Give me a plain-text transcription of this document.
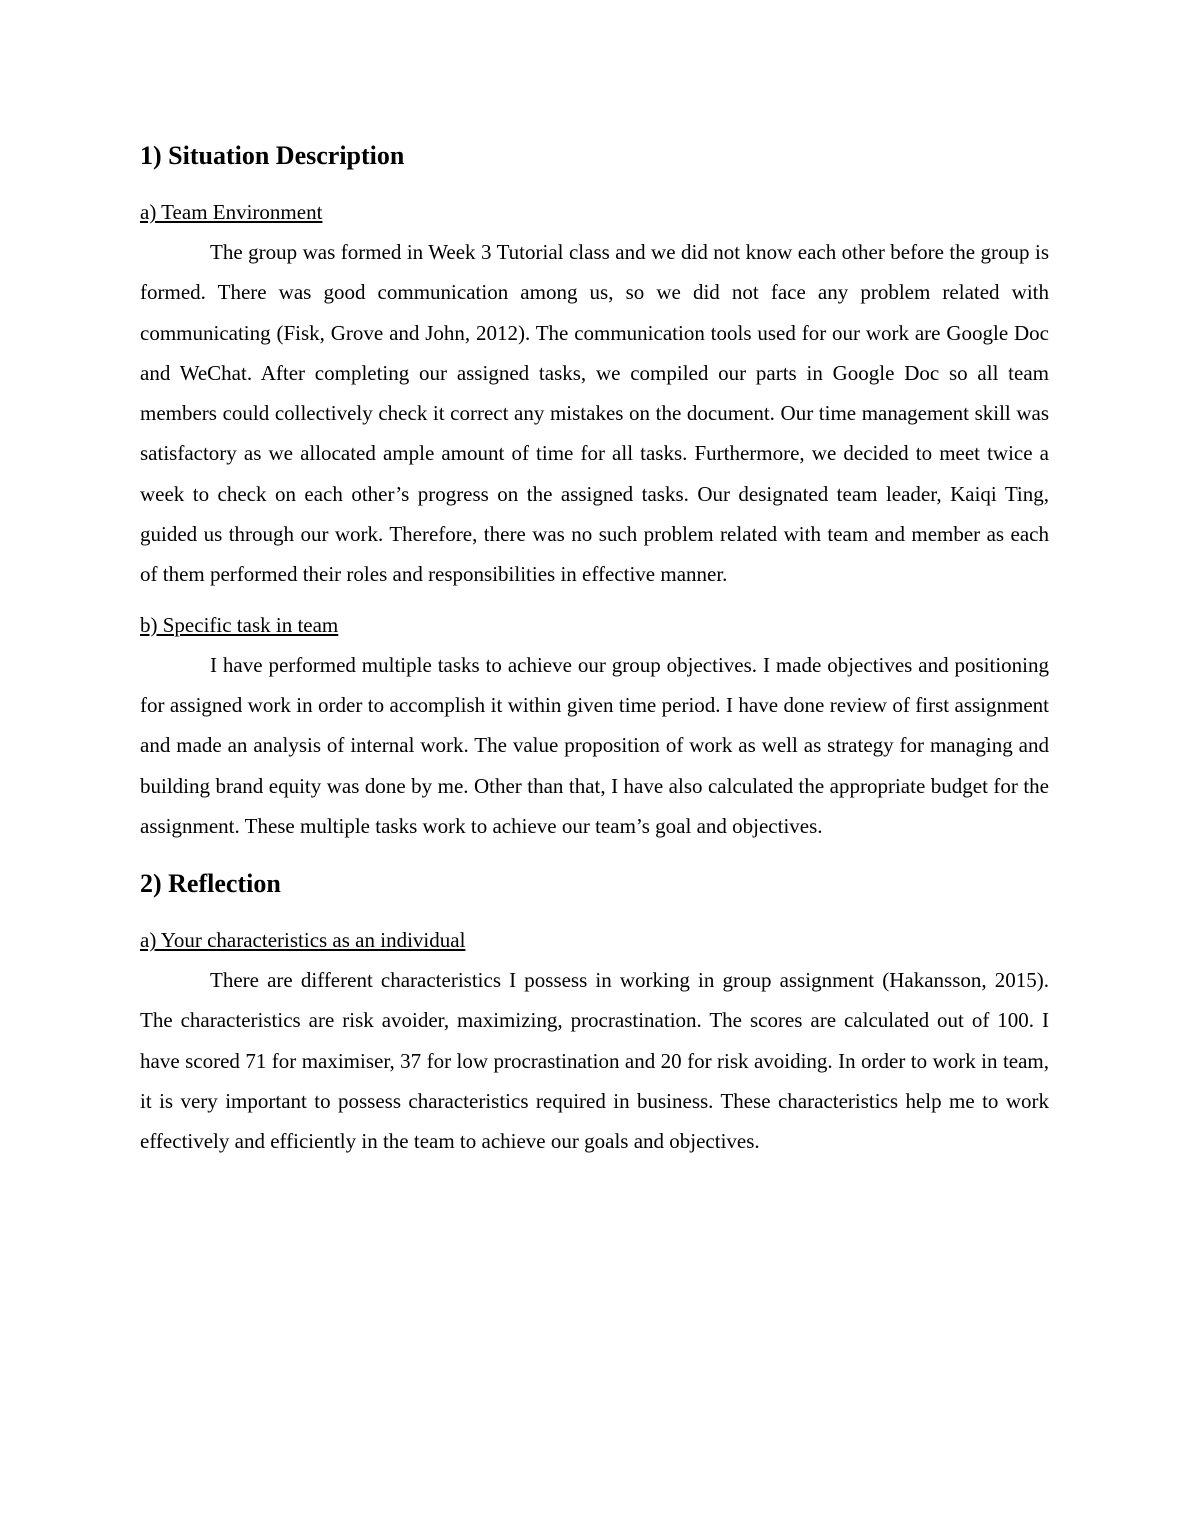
1) Situation Description
a) Team Environment

The group was formed in Week 3 Tutorial class and we did not know each other before the group is formed. There was good communication among us, so we did not face any problem related with communicating (Fisk, Grove and John, 2012). The communication tools used for our work are Google Doc and WeChat. After completing our assigned tasks, we compiled our parts in Google Doc so all team members could collectively check it correct any mistakes on the document. Our time management skill was satisfactory as we allocated ample amount of time for all tasks. Furthermore, we decided to meet twice a week to check on each other’s progress on the assigned tasks. Our designated team leader, Kaiqi Ting, guided us through our work. Therefore, there was no such problem related with team and member as each of them performed their roles and responsibilities in effective manner.

b) Specific task in team

I have performed multiple tasks to achieve our group objectives. I made objectives and positioning for assigned work in order to accomplish it within given time period. I have done review of first assignment and made an analysis of internal work. The value proposition of work as well as strategy for managing and building brand equity was done by me. Other than that, I have also calculated the appropriate budget for the assignment. These multiple tasks work to achieve our team’s goal and objectives.

2) Reflection
a) Your characteristics as an individual

There are different characteristics I possess in working in group assignment (Hakansson, 2015). The characteristics are risk avoider, maximizing, procrastination. The scores are calculated out of 100. I have scored 71 for maximiser, 37 for low procrastination and 20 for risk avoiding. In order to work in team, it is very important to possess characteristics required in business. These characteristics help me to work effectively and efficiently in the team to achieve our goals and objectives.
